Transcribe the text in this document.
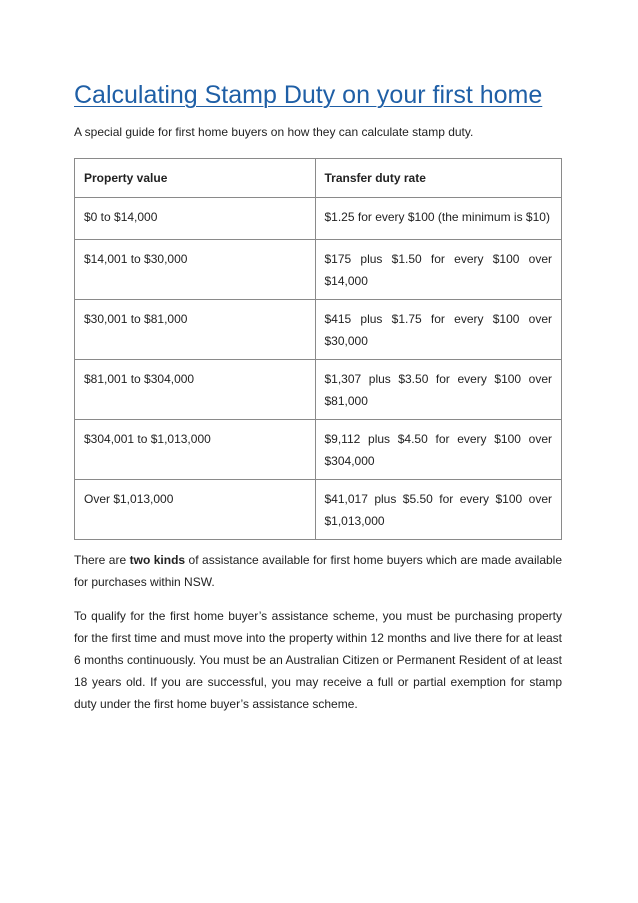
Calculating Stamp Duty on your first home

A special guide for first home buyers on how they can calculate stamp duty.

Property value	Transfer duty rate
$0 to $14,000	$1.25 for every $100 (the minimum is $10)
$14,001 to $30,000	$175 plus $1.50 for every $100 over $14,000
$30,001 to $81,000	$415 plus $1.75 for every $100 over $30,000
$81,001 to $304,000	$1,307 plus $3.50 for every $100 over $81,000
$304,001 to $1,013,000	$9,112 plus $4.50 for every $100 over $304,000
Over $1,013,000	$41,017 plus $5.50 for every $100 over $1,013,000

There are two kinds of assistance available for first home buyers which are made available for purchases within NSW.

To qualify for the first home buyer’s assistance scheme, you must be purchasing property for the first time and must move into the property within 12 months and live there for at least 6 months continuously. You must be an Australian Citizen or Permanent Resident of at least 18 years old. If you are successful, you may receive a full or partial exemption for stamp duty under the first home buyer’s assistance scheme.
